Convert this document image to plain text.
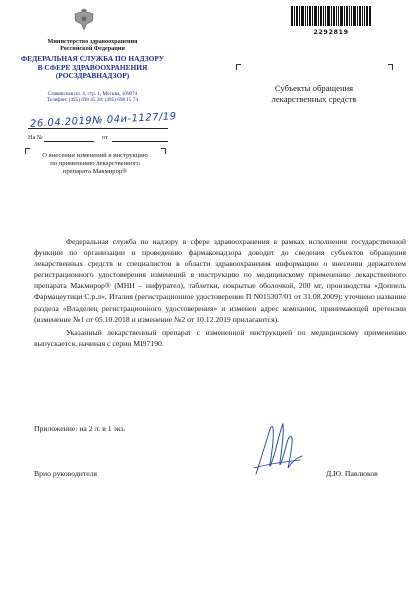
Министерство здравоохранения
Российской Федерации
ФЕДЕРАЛЬНАЯ СЛУЖБА ПО НАДЗОРУ
В СФЕРЕ ЗДРАВООХРАНЕНИЯ
(РОСЗДРАВНАДЗОР)
Славянская пл. 4, стр. 1, Москва, 109074
Телефон: (495) 698 45 38; (495) 698 15 74
26.04.2019№ 04и-1127/19
На №	от
О внесении изменений в инструкцию
по применению лекарственного
препарата Макмирор®
2292819
Субъекты обращения
лекарственных средств

Федеральная служба по надзору в сфере здравоохранения в рамках исполнения государственной функции по организации и проведению фармаконадзора доводит до сведения субъектов обращения лекарственных средств и специалистов в области здравоохранения информацию о внесении держателем регистрационного удостоверения изменений в инструкцию по медицинскому применению лекарственного препарата Макмирор® (МНН – нифурател), таблетки, покрытые оболочкой, 200 мг, производства «Доппель Фармацеутици С.р.л», Италия (регистрационное удостоверение П N015307/01 от 31.08.2009): уточнено название раздела «Владелец регистрационного удостоверения» и изменен адрес компании, принимающей претензии (изменение №1 от 05.10.2018 и изменение №2 от 10.12.2019 прилагаются).

Указанный лекарственный препарат с измененной инструкцией по медицинскому применению выпускается, начиная с серии МI97190.

Приложение: на 2 л. в 1 экз.
Врио руководителя	Д.Ю. Павлюков
